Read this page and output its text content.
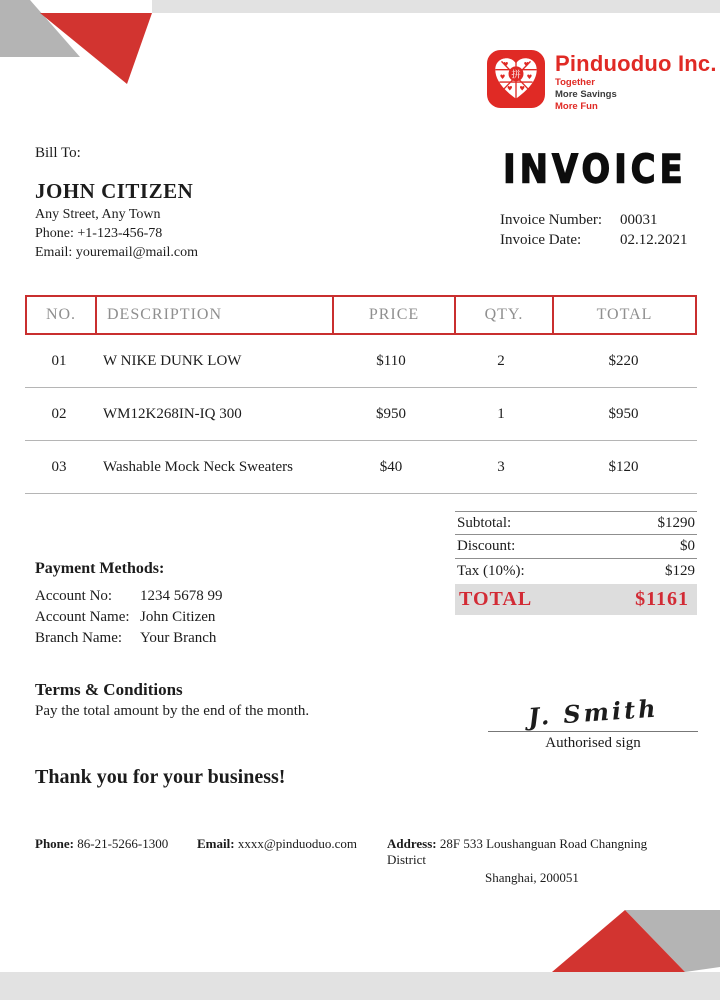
♥	♥
♥	♥
♥ ♥
拼 Pinduoduo Inc.
Together
More Savings
More Fun
Bill To:
JOHN CITIZEN
Any Street, Any Town
Phone: +1-123-456-78
Email: youremail@mail.com
INVOICE
Invoice Number:	00031
Invoice Date:	02.12.2021
NO.	DESCRIPTION	PRICE	QTY.	TOTAL
01	W NIKE DUNK LOW	$110	2	$220
02	WM12K268IN-IQ 300	$950	1	$950
03	Washable Mock Neck Sweaters	$40	3	$120
Subtotal:	$1290
Discount:	$0
Tax (10%):	$129
TOTAL	$1161
Payment Methods:
Account No:	1234 5678 99
Account Name: John Citizen
Branch Name:	Your Branch
Terms & Conditions
Pay the total amount by the end of the month.	J. Smith
Authorised sign
Thank you for your business!
Phone: 86-21-5266-1300 Email: xxxx@pinduoduo.com Address: 28F 533 Loushanguan Road Changning District
Shanghai, 200051
